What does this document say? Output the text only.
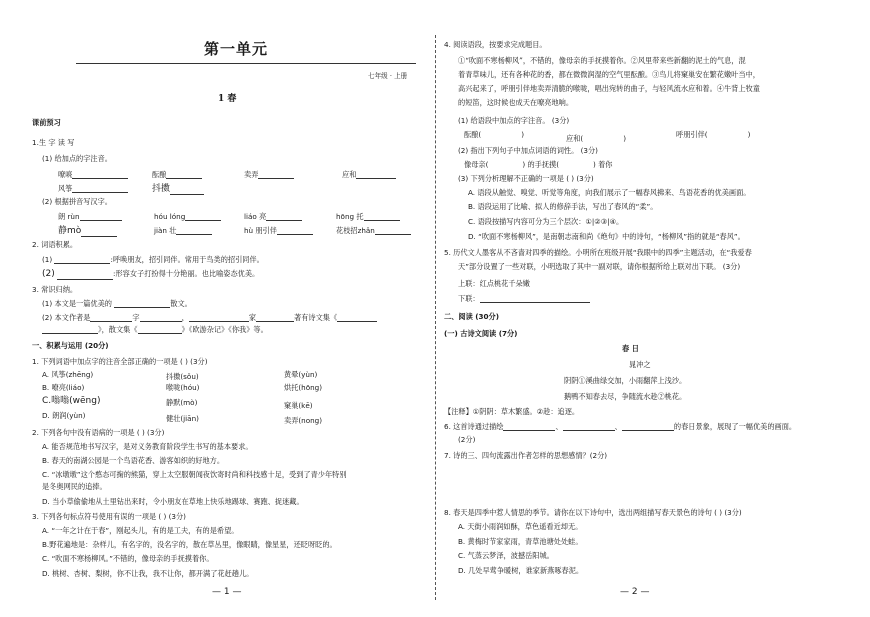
第一单元
七年级 · 上册
1 春
课前预习
1.生 字 读 写
(1) 给加点的字注音。
嘹喨	酝酿	卖弄	应和
风筝	抖擞
(2) 根据拼音写汉字。
朗 rùn	hóu lóng	liáo 亮	hōng 托
静mò	jiàn 壮	hù 朋引伴	花枝招zhǎn
2. 词语积累。
(1)	:呼唤朋友，招引同伴。常用于鸟类的招引同伴。
(2)	:形容女子打扮得十分艳丽。也比喻姿态优美。
3. 常识归纳。
(1) 本文是一篇优美的	散文。
(2) 本文作者是	字	，	家	著有诗文集《
》，散文集《	》《欧游杂记》《你我》等。
一、积累与运用 (20分)
1. 下列词语中加点字的注音全部正确的一项是 ( ) (3分)
A. 风筝(zhēng)	抖擞(sǒu)	黄晕(yùn)
B. 嘹亮(liáo)	喉咙(hóu)	烘托(hōng)
C.嗡嗡(wēng)	静默(mò)	窠巢(kē)
D. 朗润(yùn)	健壮(jiān)	卖弄(nong)
2. 下列各句中没有语病的一项是 ( ) (3分)
A. 能否规范地书写汉字，是对义务教育阶段学生书写的基本要求。
B. 春天的南湖公园是一个鸟语花香、游客如织的好地方。
C. “冰墩墩”这个憨态可掬的熊猫，穿上太空服朝闻夜饮寄时尚和科技感十足，受到了青少年特别
是冬奥网民的追捧。
D. 当小草偷偷地从土里钻出来时，令小朋友在草地上快乐地踢球、赛跑、捉迷藏。
3. 下列各句标点符号使用有误的一项是 ( ) (3分)
A. “一年之计在于春”，刚起头儿，有的是工夫，有的是希望。
B.野花遍地是：杂样儿，有名字的，没名字的，散在草丛里，像眼睛，像星星，还眨呀眨的。
C. “吹面不寒杨柳风。”不错的，像母亲的手抚摸着你。
D. 桃树、杏树、梨树，你不让我，我不让你，都开满了花赶趟儿。
— 1 —
4. 阅读语段，按要求完成题目。
①“吹面不寒杨柳风”，不错的，像母亲的手抚摸着你。②风里带来些新翻的泥土的气息，混
着青草味儿，还有各种花的香，都在微微润湿的空气里酝酿。③鸟儿将窠巢安在繁花嫩叶当中，
高兴起来了，呼朋引伴地卖弄清脆的喉咙，唱出宛转的曲子，与轻风流水应和着。④牛背上牧童
的短笛，这时候也成天在嘹亮地响。
(1) 给语段中加点的字注音。 (3分)
酝酿(	)	应和(	)	呼朋引伴(	)
(2) 指出下列句子中加点词语的词性。 (3分)
像母亲(	) 的手抚摸(	) 着你
(3) 下列分析理解不正确的一项是 ( ) (3分)
A. 语段从触觉、嗅觉、听觉等角度，向我们展示了一幅春风拂来、鸟语花香的优美画面。
B. 语段运用了比喻、拟人的修辞手法，写出了春风的“柔”。
C. 语段按描写内容可分为三个层次：①|②③|④。
D. “吹面不寒杨柳风”，是南朝志南和尚《绝句》中的诗句，“杨柳风”指的就是“春风”。
5. 历代文人墨客从不吝啬对四季的描绘。小明所在班级开展“我眼中的四季”主题活动，在“我爱春
天”部分设置了一些对联，小明选取了其中一副对联，请你根据所给上联对出下联。 (3分)
上联：红点桃花千朵嫩
下联：
二、阅读 (30分)
(一) 古诗文阅读 (7分)
春 日
晁冲之
阴阴①溪曲绿交加，小雨翻萍上浅沙。
鹅鸭不知春去尽，争随流水趁②桃花。
【注释】①阴阴：草木繁盛。②趁：追逐。
6. 这首诗通过描绘	、	、	的春日景象，展现了一幅优美的画面。
(2分)
7. 诗的三、四句流露出作者怎样的思想感情？(2分)
8. 春天是四季中惹人情思的季节。请你在以下诗句中，选出两组描写春天景色的诗句 ( ) (3分)
A. 天街小雨润如酥，草色遥看近却无。
B. 黄梅时节家家雨，青草池塘处处蛙。
C. 气蒸云梦泽，波撼岳阳城。
D. 几处早莺争暖树，谁家新燕啄春泥。
— 2 —
